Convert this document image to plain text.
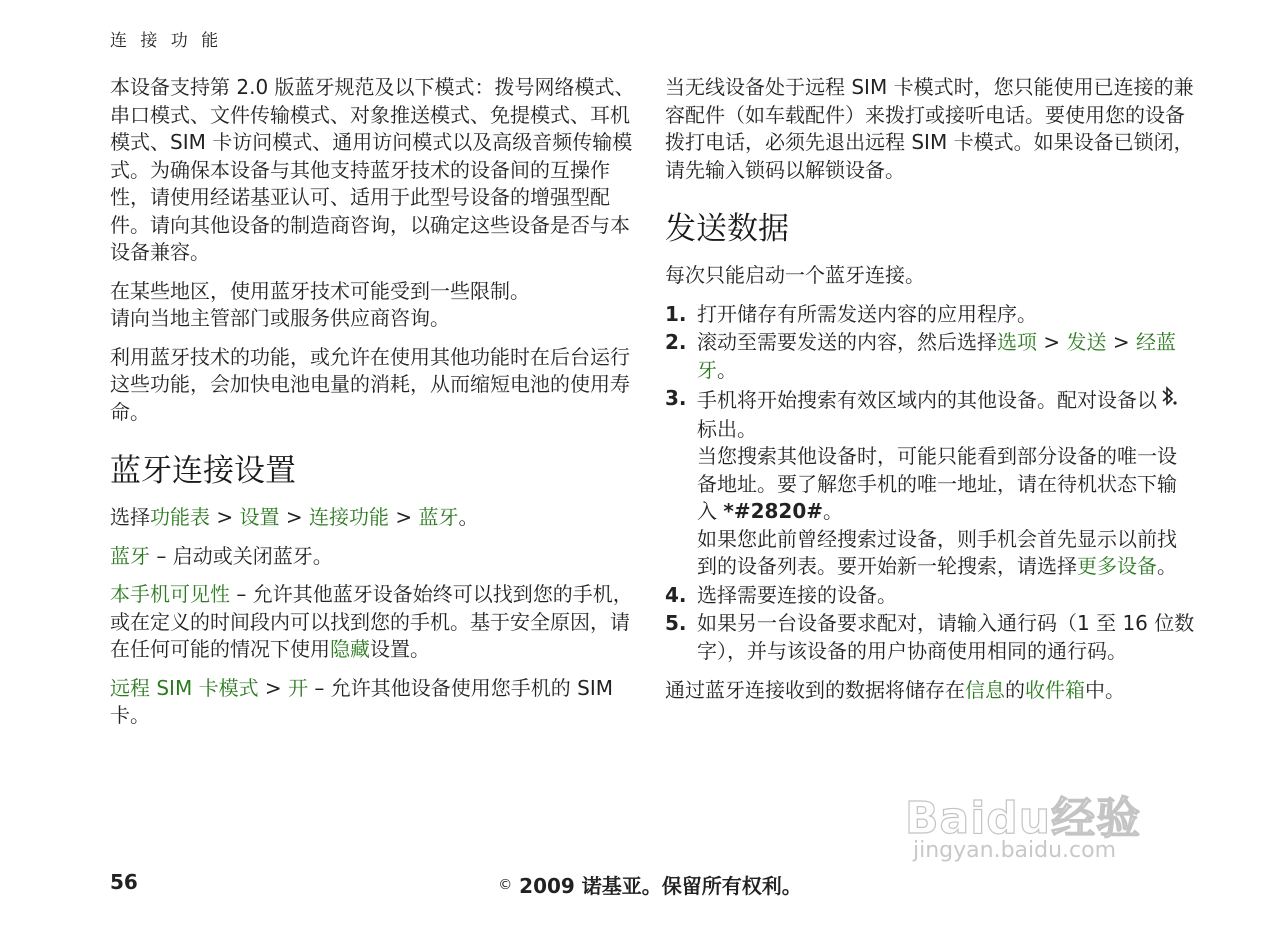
连 接 功 能

本设备支持第 2.0 版蓝牙规范及以下模式：拨号网络模式、串口模式、文件传输模式、对象推送模式、免提模式、耳机模式、SIM 卡访问模式、通用访问模式以及高级音频传输模式。为确保本设备与其他支持蓝牙技术的设备间的互操作性，请使用经诺基亚认可、适用于此型号设备的增强型配件。请向其他设备的制造商咨询，以确定这些设备是否与本设备兼容。

在某些地区，使用蓝牙技术可能受到一些限制。
请向当地主管部门或服务供应商咨询。

利用蓝牙技术的功能，或允许在使用其他功能时在后台运行这些功能，会加快电池电量的消耗，从而缩短电池的使用寿命。

蓝牙连接设置

选择功能表 > 设置 > 连接功能 > 蓝牙。

蓝牙 – 启动或关闭蓝牙。

本手机可见性 – 允许其他蓝牙设备始终可以找到您的手机，或在定义的时间段内可以找到您的手机。基于安全原因，请在任何可能的情况下使用隐藏设置。

远程 SIM 卡模式 > 开 – 允许其他设备使用您手机的 SIM 卡。

当无线设备处于远程 SIM 卡模式时，您只能使用已连接的兼容配件（如车载配件）来拨打或接听电话。要使用您的设备拨打电话，必须先退出远程 SIM 卡模式。如果设备已锁闭，请先输入锁码以解锁设备。

发送数据

每次只能启动一个蓝牙连接。

1. 打开储存有所需发送内容的应用程序。
2. 滚动至需要发送的内容，然后选择选项 > 发送 > 经蓝牙。
3. 手机将开始搜索有效区域内的其他设备。配对设备以标出。
当您搜索其他设备时，可能只能看到部分设备的唯一设备地址。要了解您手机的唯一地址，请在待机状态下输入 *#2820#。
如果您此前曾经搜索过设备，则手机会首先显示以前找到的设备列表。要开始新一轮搜索，请选择更多设备。
4. 选择需要连接的设备。
5. 如果另一台设备要求配对，请输入通行码（1 至 16 位数字），并与该设备的用户协商使用相同的通行码。

通过蓝牙连接收到的数据将储存在信息的收件箱中。

Baidu经验
jingyan.baidu.com
56	© 2009 诺基亚。保留所有权利。
